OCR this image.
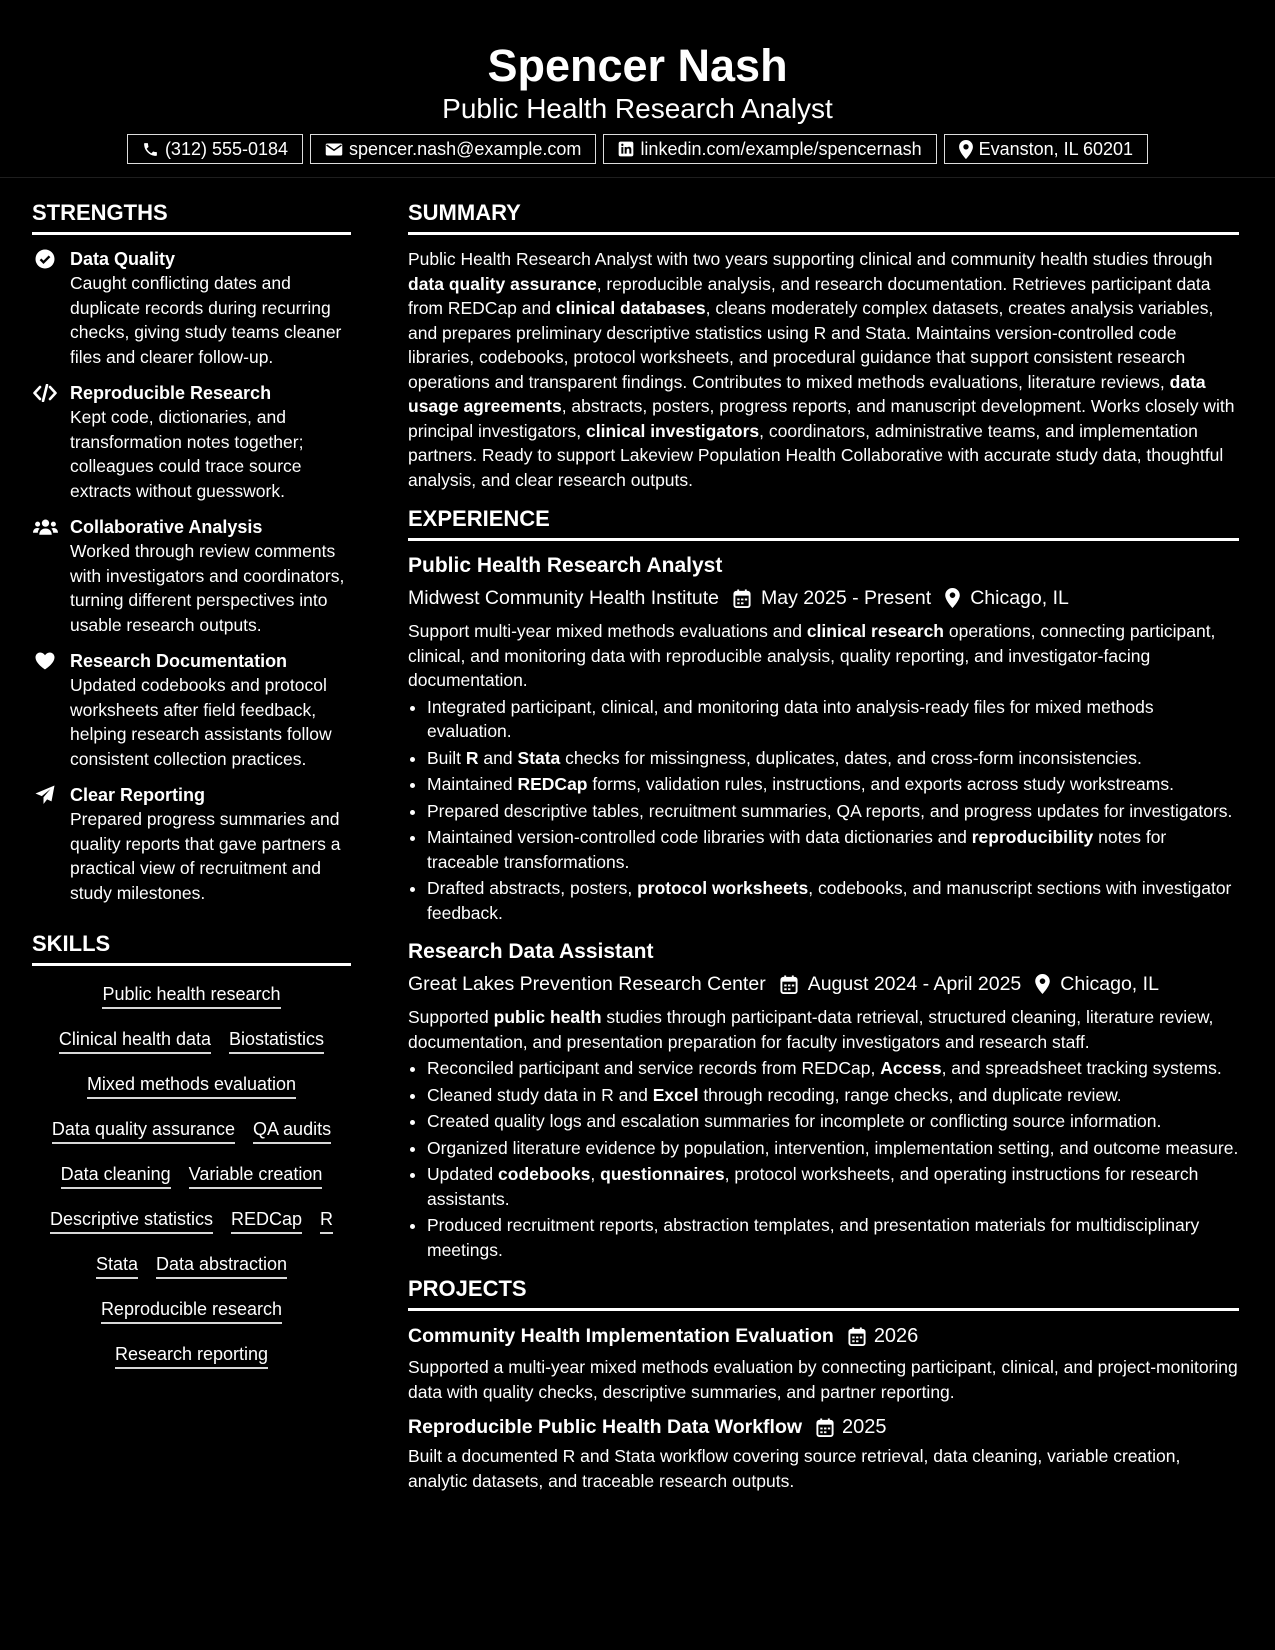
Spencer Nash
Public Health Research Analyst
(312) 555-0184	spencer.nash@example.com	linkedin.com/example/spencernash	Evanston, IL 60201
STRENGTHS
Data Quality
Caught conflicting dates and duplicate records during recurring checks, giving study teams cleaner files and clearer follow-up.
Reproducible Research
Kept code, dictionaries, and transformation notes together; colleagues could trace source extracts without guesswork.
Collaborative Analysis
Worked through review comments with investigators and coordinators, turning different perspectives into usable research outputs.
Research Documentation
Updated codebooks and protocol worksheets after field feedback, helping research assistants follow consistent collection practices.
Clear Reporting
Prepared progress summaries and quality reports that gave partners a practical view of recruitment and study milestones.
SKILLS
Public health research
Clinical health data Biostatistics
Mixed methods evaluation
Data quality assurance QA audits
Data cleaning Variable creation
Descriptive statistics REDCap R
Stata Data abstraction
Reproducible research
Research reporting
SUMMARY
Public Health Research Analyst with two years supporting clinical and community health studies through data quality assurance, reproducible analysis, and research documentation. Retrieves participant data from REDCap and clinical databases, cleans moderately complex datasets, creates analysis variables, and prepares preliminary descriptive statistics using R and Stata. Maintains version-controlled code libraries, codebooks, protocol worksheets, and procedural guidance that support consistent research operations and transparent findings. Contributes to mixed methods evaluations, literature reviews, data usage agreements, abstracts, posters, progress reports, and manuscript development. Works closely with principal investigators, clinical investigators, coordinators, administrative teams, and implementation partners. Ready to support Lakeview Population Health Collaborative with accurate study data, thoughtful analysis, and clear research outputs.
EXPERIENCE
Public Health Research Analyst
Midwest Community Health Institute May 2025 - Present Chicago, IL
Support multi-year mixed methods evaluations and clinical research operations, connecting participant, clinical, and monitoring data with reproducible analysis, quality reporting, and investigator-facing documentation.
• Integrated participant, clinical, and monitoring data into analysis-ready files for mixed methods evaluation.
• Built R and Stata checks for missingness, duplicates, dates, and cross-form inconsistencies.
• Maintained REDCap forms, validation rules, instructions, and exports across study workstreams.
• Prepared descriptive tables, recruitment summaries, QA reports, and progress updates for investigators.
• Maintained version-controlled code libraries with data dictionaries and reproducibility notes for traceable transformations.
• Drafted abstracts, posters, protocol worksheets, codebooks, and manuscript sections with investigator feedback.
Research Data Assistant
Great Lakes Prevention Research Center August 2024 - April 2025 Chicago, IL
Supported public health studies through participant-data retrieval, structured cleaning, literature review, documentation, and presentation preparation for faculty investigators and research staff.
• Reconciled participant and service records from REDCap, Access, and spreadsheet tracking systems.
• Cleaned study data in R and Excel through recoding, range checks, and duplicate review.
• Created quality logs and escalation summaries for incomplete or conflicting source information.
• Organized literature evidence by population, intervention, implementation setting, and outcome measure.
• Updated codebooks, questionnaires, protocol worksheets, and operating instructions for research assistants.
• Produced recruitment reports, abstraction templates, and presentation materials for multidisciplinary meetings.
PROJECTS
Community Health Implementation Evaluation 2026
Supported a multi-year mixed methods evaluation by connecting participant, clinical, and project-monitoring data with quality checks, descriptive summaries, and partner reporting.
Reproducible Public Health Data Workflow 2025
Built a documented R and Stata workflow covering source retrieval, data cleaning, variable creation, analytic datasets, and traceable research outputs.
